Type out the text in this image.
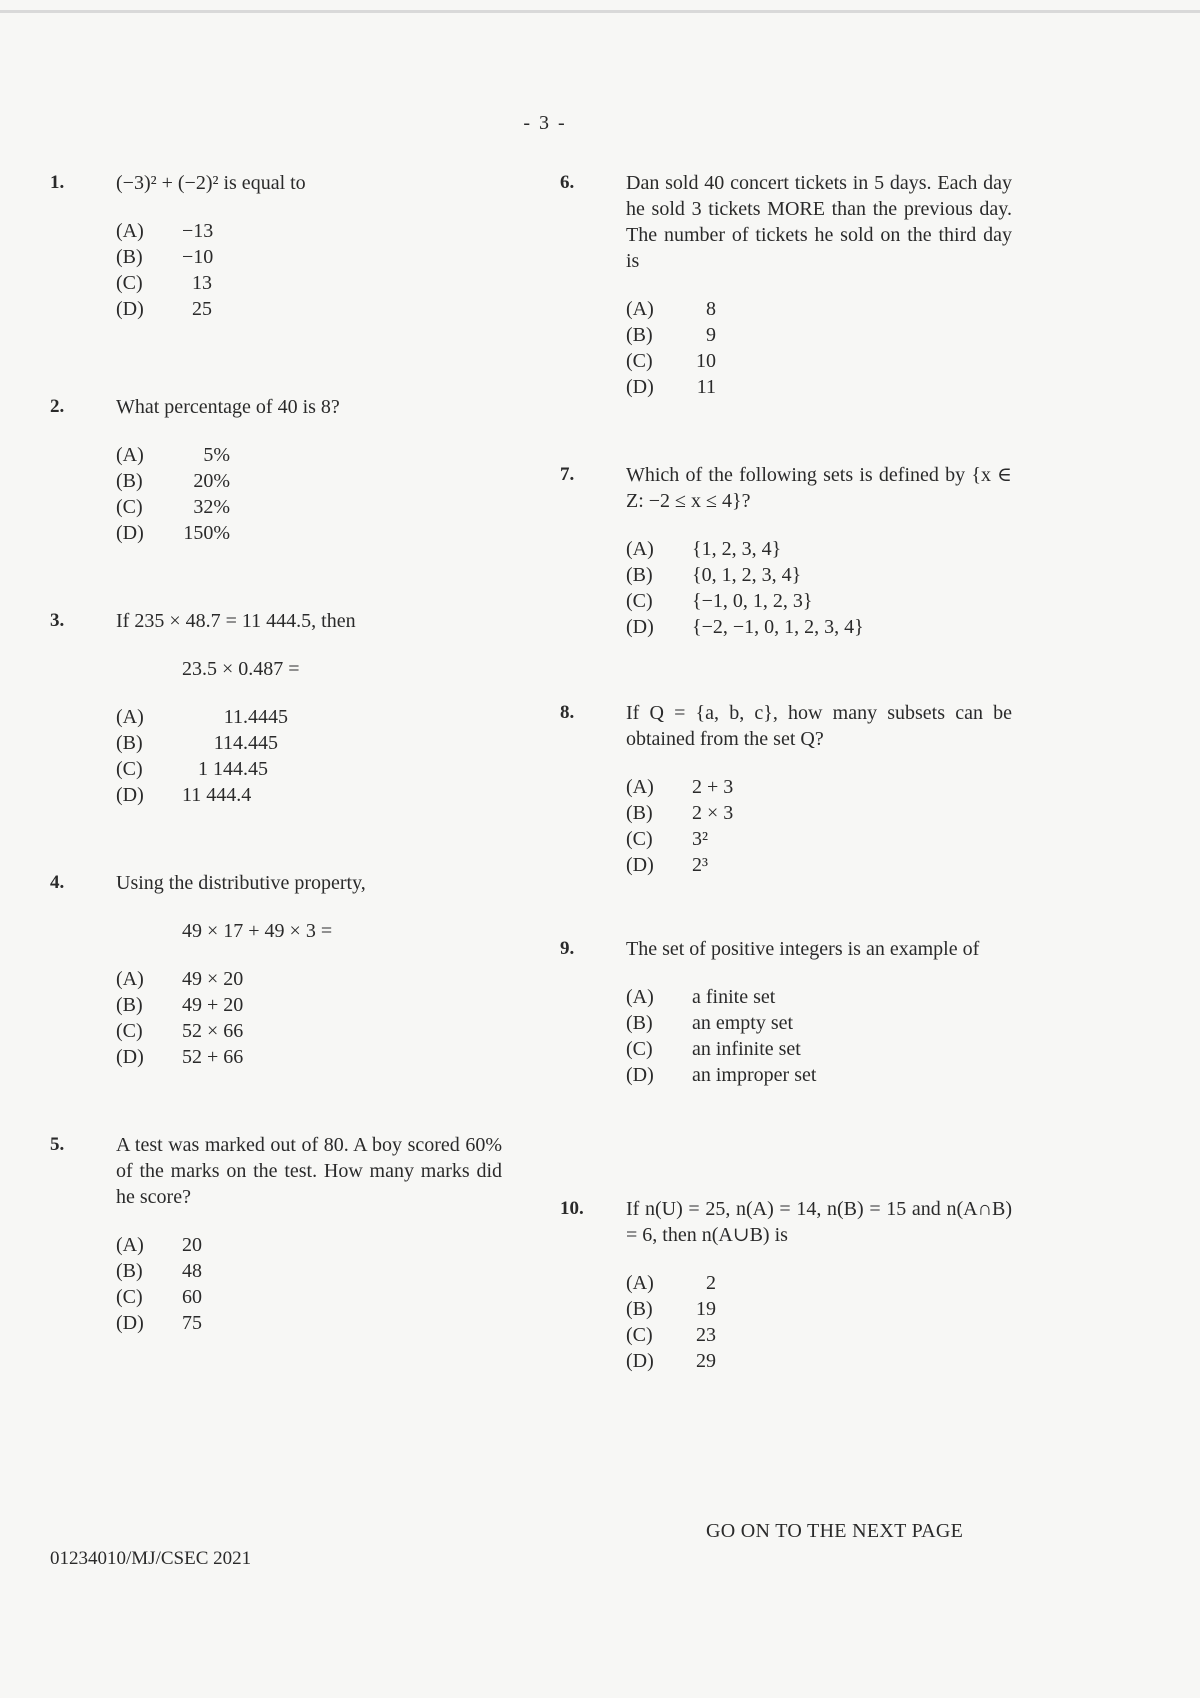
- 3 -
1.	(−3)² + (−2)² is equal to
(A)	−13
(B)	−10
(C)	13
(D)	25
2.	What percentage of 40 is 8?
(A)	5%
(B)	20%
(C)	32%
(D)	150%
3.	If 235 × 48.7 = 11 444.5, then
23.5 × 0.487 =
(A)	11.4445
(B)	114.445
(C)	1 144.45
(D)	11 444.4
4.	Using the distributive property,
49 × 17 + 49 × 3 =
(A)	49 × 20
(B)	49 + 20
(C)	52 × 66
(D)	52 + 66
5.	A test was marked out of 80. A boy scored 60% of the marks on the test. How many marks did he score?
(A)	20
(B)	48
(C)	60
(D)	75
6.	Dan sold 40 concert tickets in 5 days. Each day he sold 3 tickets MORE than the previous day. The number of tickets he sold on the third day is
(A)	8
(B)	9
(C)	10
(D)	11
7.	Which of the following sets is defined by {x ∈ Z: −2 ≤ x ≤ 4}?
(A)	{1, 2, 3, 4}
(B)	{0, 1, 2, 3, 4}
(C)	{−1, 0, 1, 2, 3}
(D)	{−2, −1, 0, 1, 2, 3, 4}
8.	If Q = {a, b, c}, how many subsets can be obtained from the set Q?
(A)	2 + 3
(B)	2 × 3
(C)	3²
(D)	2³
9.	The set of positive integers is an example of
(A)	a finite set
(B)	an empty set
(C)	an infinite set
(D)	an improper set
10. If n(U) = 25, n(A) = 14, n(B) = 15 and n(A∩B) = 6, then n(A∪B) is
(A)	2
(B)	19
(C)	23
(D)	29
GO ON TO THE NEXT PAGE
01234010/MJ/CSEC 2021
